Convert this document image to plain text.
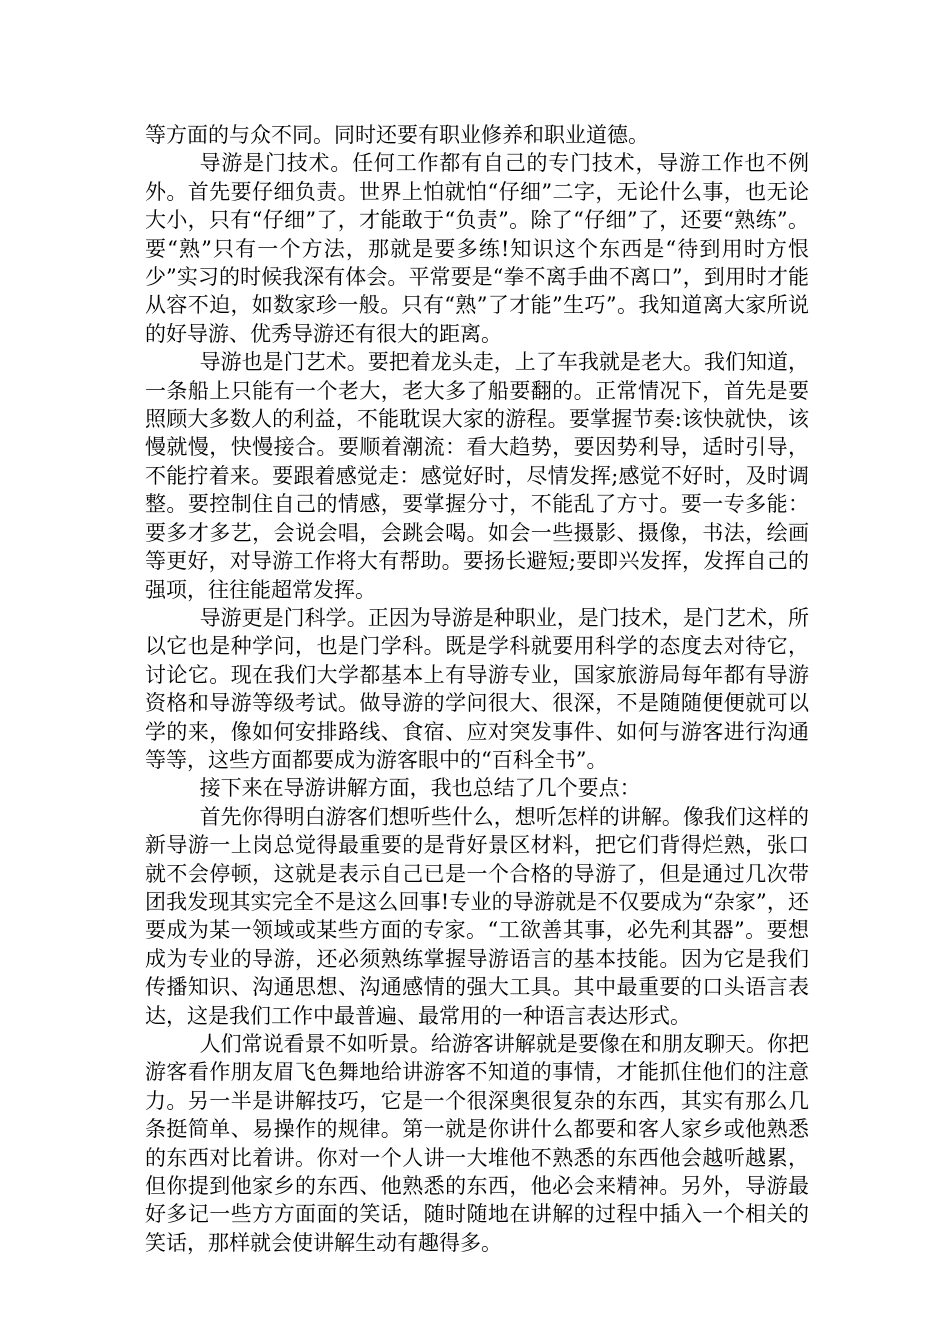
等方面的与众不同。同时还要有职业修养和职业道德。

导游是门技术。任何工作都有自己的专门技术，导游工作也不例外。首先要仔细负责。世界上怕就怕“仔细”二字，无论什么事，也无论大小，只有“仔细”了，才能敢于“负责”。除了“仔细”了，还要“熟练”。要“熟”只有一个方法，那就是要多练!知识这个东西是“待到用时方恨少”实习的时候我深有体会。平常要是“拳不离手曲不离口”，到用时才能从容不迫，如数家珍一般。只有“熟”了才能”生巧”。我知道离大家所说的好导游、优秀导游还有很大的距离。

导游也是门艺术。要把着龙头走，上了车我就是老大。我们知道，一条船上只能有一个老大，老大多了船要翻的。正常情况下，首先是要照顾大多数人的利益，不能耽误大家的游程。要掌握节奏:该快就快，该慢就慢，快慢接合。要顺着潮流：看大趋势，要因势利导，适时引导，不能拧着来。要跟着感觉走：感觉好时，尽情发挥;感觉不好时，及时调整。要控制住自己的情感，要掌握分寸，不能乱了方寸。要一专多能：要多才多艺，会说会唱，会跳会喝。如会一些摄影、摄像，书法，绘画等更好，对导游工作将大有帮助。要扬长避短;要即兴发挥，发挥自己的强项，往往能超常发挥。

导游更是门科学。正因为导游是种职业，是门技术，是门艺术，所以它也是种学问，也是门学科。既是学科就要用科学的态度去对待它，讨论它。现在我们大学都基本上有导游专业，国家旅游局每年都有导游资格和导游等级考试。做导游的学问很大、很深，不是随随便便就可以学的来，像如何安排路线、食宿、应对突发事件、如何与游客进行沟通等等，这些方面都要成为游客眼中的“百科全书”。

接下来在导游讲解方面，我也总结了几个要点：

首先你得明白游客们想听些什么，想听怎样的讲解。像我们这样的新导游一上岗总觉得最重要的是背好景区材料，把它们背得烂熟，张口就不会停顿，这就是表示自己已是一个合格的导游了，但是通过几次带团我发现其实完全不是这么回事!专业的导游就是不仅要成为“杂家”，还要成为某一领域或某些方面的专家。“工欲善其事，必先利其器”。要想成为专业的导游，还必须熟练掌握导游语言的基本技能。因为它是我们传播知识、沟通思想、沟通感情的强大工具。其中最重要的口头语言表达，这是我们工作中最普遍、最常用的一种语言表达形式。

人们常说看景不如听景。给游客讲解就是要像在和朋友聊天。你把游客看作朋友眉飞色舞地给讲游客不知道的事情，才能抓住他们的注意力。另一半是讲解技巧，它是一个很深奥很复杂的东西，其实有那么几条挺简单、易操作的规律。第一就是你讲什么都要和客人家乡或他熟悉的东西对比着讲。你对一个人讲一大堆他不熟悉的东西他会越听越累，但你提到他家乡的东西、他熟悉的东西，他必会来精神。另外，导游最好多记一些方方面面的笑话，随时随地在讲解的过程中插入一个相关的笑话，那样就会使讲解生动有趣得多。
